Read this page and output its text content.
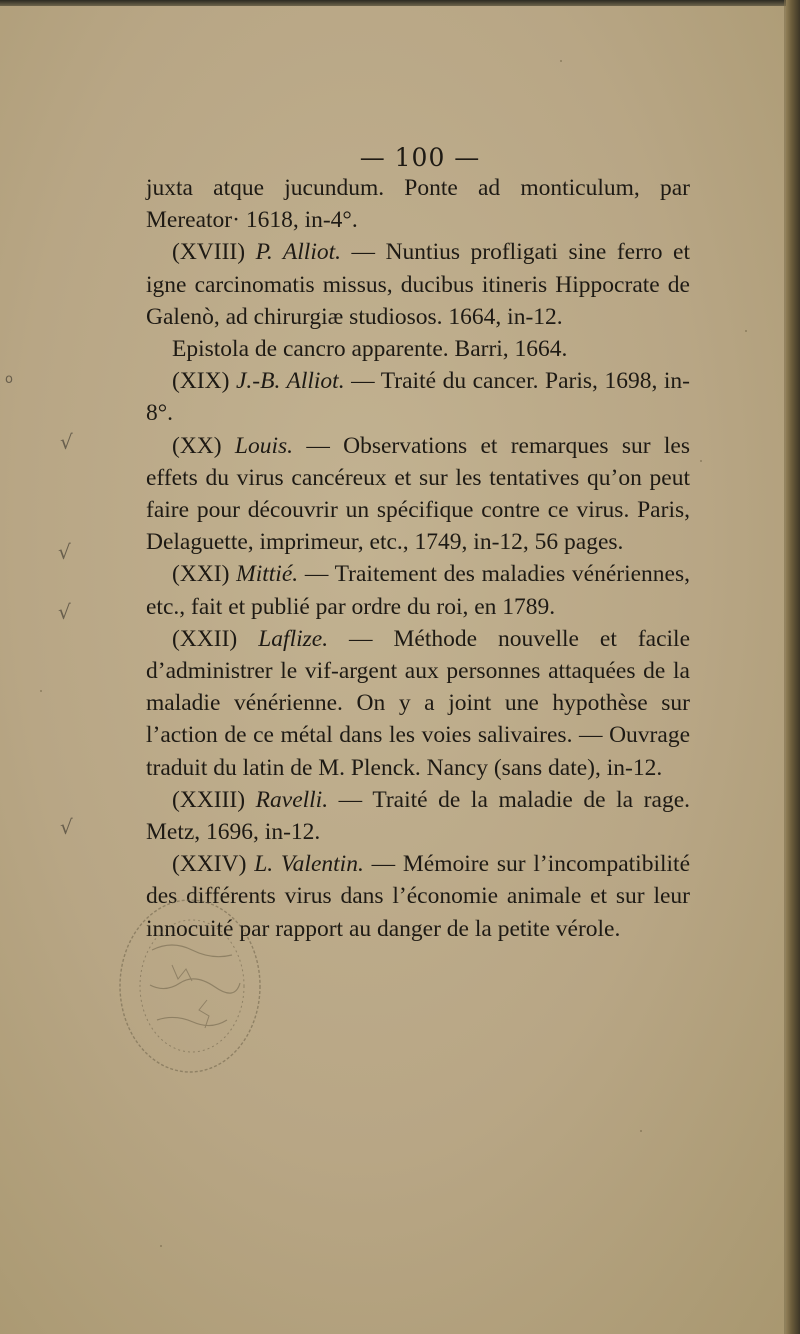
— 100 —

juxta atque jucundum. Ponte ad monticulum, par Mereator· 1618, in-4°.

(XVIII) P. Alliot. — Nuntius profligati sine ferro et igne carcinomatis missus, ducibus itineris Hippocrate de Galenò, ad chirurgiæ studiosos. 1664, in-12.

Epistola de cancro apparente. Barri, 1664.

(XIX) J.-B. Alliot. — Traité du cancer. Paris, 1698, in-8°.

(XX) Louis. — Observations et remarques sur les effets du virus cancéreux et sur les tentatives qu’on peut faire pour découvrir un spécifique contre ce virus. Paris, Delaguette, imprimeur, etc., 1749, in-12, 56 pages.

(XXI) Mittié. — Traitement des maladies vénériennes, etc., fait et publié par ordre du roi, en 1789.

(XXII) Laflize. — Méthode nouvelle et facile d’administrer le vif-argent aux personnes attaquées de la maladie vénérienne. On y a joint une hypothèse sur l’action de ce métal dans les voies salivaires. — Ouvrage traduit du latin de M. Plenck. Nancy (sans date), in-12.

(XXIII) Ravelli. — Traité de la maladie de la rage. Metz, 1696, in-12.

(XXIV) L. Valentin. — Mémoire sur l’incompatibilité des différents virus dans l’économie animale et sur leur innocuité par rapport au danger de la petite vérole.

√
√
√
√
o
